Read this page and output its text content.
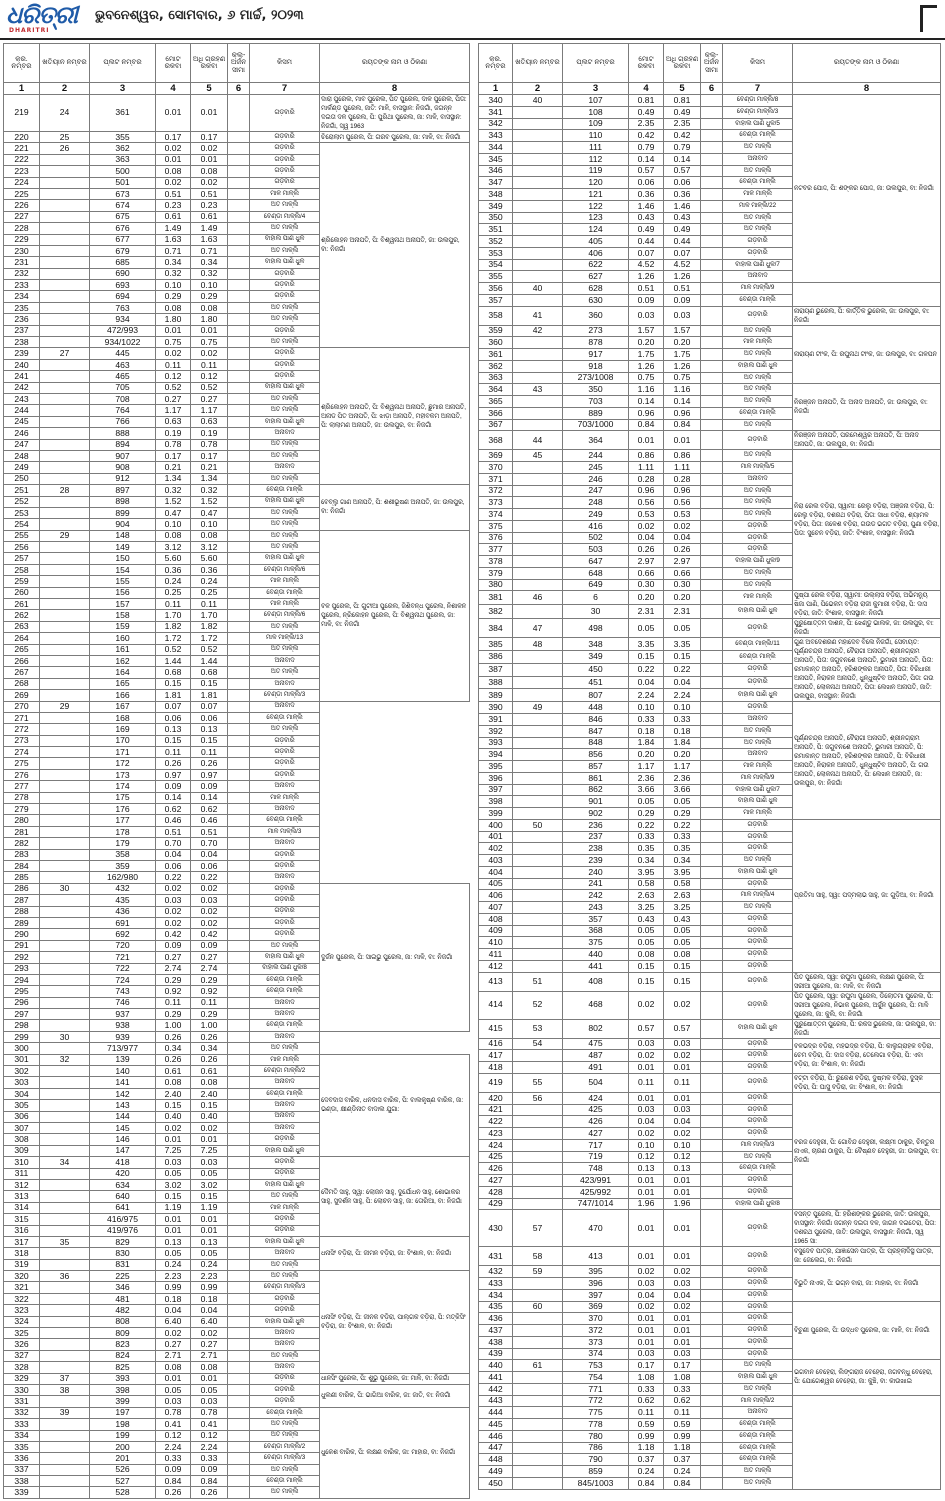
ଧରିତ୍ରୀ
DHARITRI
ଭୁବନେଶ୍ୱର, ସୋମବାର, ୬ ମାର୍ଚ୍ଚ, ୨୦୨୩
କ୍ର. ନମ୍ବର	ଖତିୟାନ ନମ୍ବର	ପ୍ଲଟ ନମ୍ବର	ମୋଟ ରକବା	ଅଧି ଗ୍ରହଣ ରକବା	କ୍ଲ- ଅର୍ଜନ ସୀମା	କିସମ	ରୟତଙ୍କ ନାମ ଓ ଠିକଣା
1	2	3	4	5	6	7	8
219	24	361	0.01	0.01		ଗଡ଼ବାରି	ଦାରା ପୁରେଲ, ମାବ ପୁରେଲ, ପିତ ପୁରେଲ, ଦାଳ ପୁରେଲ, ପିତା: ମାର୍କଣ୍ଡ ପୁରେଲ, ଜାତି: ମାଳି, ବାସସ୍ଥାନ: ନିଜଗାଁ, ଜଗନ୍ନ ଦଇତା ଦଳ ପୁରେଲ, ପି: ପୁରିଥା ପୁରେଲ, ଜା: ମାଳି, ବାସସ୍ଥାନ: ନିଜଗାଁ, ସ୍ୱ 1963
220	25	355	0.17	0.17		ଗଡ଼ବାରି	ଚିରୋଲାମ ପୁରେଲ, ପି: ଗରବ ପୁରେଲ, ଜା: ମାଳି, ବା: ନିଜଗାଁ
221	26	362	0.02	0.02		ଗଡ଼ବାରି	ଶ୍ରିକୋହନ ଅନାପତି, ପି: ବିଶ୍ୱନାଥ ଅନାପତି, ଜା: ଉଲପୁର, ବା: ନିଜଗାଁ
222		363	0.01	0.01		ଗଡ଼ବାରି	
223		500	0.08	0.08		ଗଡ଼ବାରି	
224		501	0.02	0.02		ଗଡ଼ବାରି	
225		673	0.51	0.51		ମାଳ ମାଳ୍ଲି	
226		674	0.23	0.23		ଅତ ମାଳ୍ଲି	
227		675	0.61	0.61		ବେଣ୍ଡା ମାଳ୍ଲି/4	
228		676	1.49	1.49		ଅତ ମାଳ୍ଲି	
229		677	1.63	1.63		ବାହାଲ ପାଣି ଧୁଳ	
230		679	0.71	0.71		ଅତ ମାଳ୍ଲି	
231		685	0.34	0.34		ବାହାଲ ପାଣି ଧୁଳ	
232		690	0.32	0.32		ଗଡ଼ବାରି	
233		693	0.10	0.10		ଗଡ଼ବାରି	
234		694	0.29	0.29		ଗଡ଼ବାରି	
235		763	0.08	0.08		ଅତ ମାଳ୍ଲି	
236		934	1.80	1.80		ଅତ ମାଳ୍ଲି	
237		472/993	0.01	0.01		ଗଡ଼ବାରି	
238		934/1022	0.75	0.75		ଅତ ମାଳ୍ଲି	
239	27	445	0.02	0.02		ଗଡ଼ବାରି	ଶ୍ରିକୋହନ ଅନାପତି, ପି: ବିଶ୍ୱନାଥ ଅନାପତି, ଛୁମାର ଅନାପତି, ଅନାଡ ପିତ ଅନାପତି, ପି: ଝାଡ଼ା ଅନାପତି, ମହୀବକମ ଅନାପତି, ପି: ଲାଲାମଣ ଅନାପତି, ଜା: ଉଲପୁର, ବା: ନିଜଗାଁ
240		463	0.11	0.11		ଗଡ଼ବାରି	
241		465	0.12	0.12		ଗଡ଼ବାରି	
242		705	0.52	0.52		ବାହାଲ ପାଣି ଧୁଳ	
243		708	0.27	0.27		ଅତ ମାଳ୍ଲି	
244		764	1.17	1.17		ଅତ ମାଳ୍ଲି	
245		766	0.63	0.63		ବାହାଲ ପାଣି ଧୁଳ	
246		888	0.19	0.19		ଅନାବାଦ	
247		894	0.78	0.78		ଅତ ମାଳ୍ଲି	
248		907	0.17	0.17		ଅତ ମାଳ୍ଲି	
249		908	0.21	0.21		ଅନାବାଦ	
250		912	1.34	1.34		ଅତ ମାଳ୍ଲି	
251	28	897	0.32	0.32		ବେଣ୍ଡା ମାଳ୍ଲି	ବେବ୍ଲୁ ଗାଣ ଅନାପତି, ପି: ଶଶୀଭୂଷଣ ଅନାପତି, ଜା: ଉଲପୁର, ବା: ନିଜଗାଁ
252		898	1.52	1.52		ବାହାଲ ପାଣି ଧୁଳ	
253		899	0.47	0.47		ଅତ ମାଳ୍ଲି	
254		904	0.10	0.10		ଅତ ମାଳ୍ଲି	
255	29	148	0.08	0.08		ଅତ ମାଳ୍ଲି	ବଳ ପୁରେଲ, ପି: ଗୁଟୀଆ ପୁରେଲ, ଜିଶିବନ୍ଧ ପୁରେଲ, ନିଶାଳନ ପୁରେଲ, ନ୍ରିକୋହନ ପୁରେଲ, ପି: ବିଶ୍ୱନାଥ ପୁରେଲ, ଜା: ମାଳି, ବା: ନିଜଗାଁ
256		149	3.12	3.12		ଅତ ମାଳ୍ଲି	
257		150	5.60	5.60		ବାହାଲ ପାଣି ଧୁଳ	
258		154	0.36	0.36		ବେଣ୍ଡା ମାଳ୍ଲି/6	
259		155	0.24	0.24		ମାଳ ମାଳ୍ଲି	
260		156	0.25	0.25		ବେଣ୍ଡା ମାଳ୍ଲି	
261		157	0.11	0.11		ମାଳ ମାଳ୍ଲି	
262		158	1.70	1.70		ବେଣ୍ଡା ମାଳ୍ଲି/6	
263		159	1.82	1.82		ଅତ ମାଳ୍ଲି	
264		160	1.72	1.72		ମାଳ ମାଳ୍ଲି/13	
265		161	0.52	0.52		ଅତ ମାଳ୍ଲି	
266		162	1.44	1.44		ଅନାବାଦ	
267		164	0.68	0.68		ଅତ ମାଳ୍ଲି	
268		165	0.15	0.15		ଅନାବାଦ	
269		166	1.81	1.81		ବେଣ୍ଡା ମାଳ୍ଲି/3	
270	29	167	0.07	0.07		ଅନାବାଦ	
271		168	0.06	0.06		ବେଣ୍ଡା ମାଳ୍ଲି	
272		169	0.13	0.13		ଅତ ମାଳ୍ଲି	
273		170	0.15	0.15		ଗଡ଼ବାରି	
274		171	0.11	0.11		ଗଡ଼ବାରି	
275		172	0.26	0.26		ଗଡ଼ବାରି	
276		173	0.97	0.97		ଗଡ଼ବାରି	
277		174	0.09	0.09		ଅନାବାଦ	
278		175	0.14	0.14		ମାଳ ମାଳ୍ଲି	
279		176	0.62	0.62		ଅନାବାଦ	
280		177	0.46	0.46		ବେଣ୍ଡା ମାଳ୍ଲି	
281		178	0.51	0.51		ମାଳ ମାଳ୍ଲି/3	
282		179	0.70	0.70		ଅନାବାଦ	
283		358	0.04	0.04		ଗଡ଼ବାରି	
284		359	0.06	0.06		ଗଡ଼ବାରି	
285		162/980	0.22	0.22		ଅନାବାଦ	
286	30	432	0.02	0.02		ଗଡ଼ବାରି	ଦୁର୍ଜନ ପୁରେଲ, ପି: ସାଇଭୁ ପୁରେଲ, ଜା: ମାଳି, ବା: ନିଜଗାଁ
287		435	0.03	0.03		ଗଡ଼ବାରି	
288		436	0.02	0.02		ଗଡ଼ବାରି	
289		691	0.02	0.02		ଗଡ଼ବାରି	
290		692	0.42	0.42		ଗଡ଼ବାରି	
291		720	0.09	0.09		ଅତ ମାଳ୍ଲି	
292		721	0.27	0.27		ବାହାଲ ପାଣି ଧୁଳ	
293		722	2.74	2.74		ବାହାଲ ପାଣି ଧୁଳ/8	
294		724	0.29	0.29		ବେଣ୍ଡା ମାଳ୍ଲି	
295		743	0.92	0.92		ବେଣ୍ଡା ମାଳ୍ଲି	
296		746	0.11	0.11		ଅନାବାଦ	
297		937	0.29	0.29		ଅନାବାଦ	
298		938	1.00	1.00		ବେଣ୍ଡା ମାଳ୍ଲି	
299	30	939	0.26	0.26		ଅନାବାଦ	
300		713/977	0.34	0.34		ଅତ ମାଳ୍ଲି	
301	32	139	0.26	0.26		ମାଳ ମାଳ୍ଲି	ଦେବଦାସ ବାରିକ, ଧନଦାସ ବାରିକ, ପି: ବାଲକୃଷ୍ଣ ବାରିକ, ଜା: ଭଣ୍ଡା, କ୍ଷୀଣ୍ଡିନାତ ବାଦାଲ ଯୁଗା:
302		140	0.61	0.61		ବେଣ୍ଡା ମାଳ୍ଲି/2	
303		141	0.08	0.08		ଅନାବାଦ	
304		142	2.40	2.40		ବେଣ୍ଡା ମାଳ୍ଲି	
305		143	0.15	0.15		ଅନାବାଦ	
306		144	0.40	0.40		ଅନାବାଦ	
307		145	0.02	0.02		ଅନାବାଦ	
308		146	0.01	0.01		ଗଡ଼ବାରି	
309		147	7.25	7.25		ବାହାଲ ପାଣି ଧୁଳ	
310	34	418	0.03	0.03		ଗଡ଼ବାରି	ଦୈମତି ସାହୁ, ସ୍ୱା: ଲୋଜନ ସାହୁ, ଦୁର୍ଯୋଧନ ସାହୁ, ଶୋଭାକର ସାହୁ, ସୁଦର୍ଶନ ସାହୁ, ପି: ଲୋଚନ ସାହୁ, ଜା: ତୋରିଆ, ବା: ନିଜଗାଁ
311		420	0.05	0.05		ଗଡ଼ବାରି	
312		634	3.02	3.02		ବାହାଲ ପାଣି ଧୁଳ	
313		640	0.15	0.15		ଅତ ମାଳ୍ଲି	
314		641	1.19	1.19		ମାଳ ମାଳ୍ଲି	
315		416/975	0.01	0.01		ଗଡ଼ବାରି	
316		419/976	0.01	0.01		ଗଡ଼ବାରି	
317	35	829	0.13	0.13		ବାହାଲ ପାଣି ଧୁଳ	ଧନାସିଂ ବଡ଼ିରା, ପି: ଜୀମନ ବଡ଼ିରା, ଜା: ବିଂଶାଳ, ବା: ନିଜଗାଁ
318		830	0.05	0.05		ଅନାବାଦ	
319		831	0.24	0.24		ଅତ ମାଳ୍ଲି	
320	36	225	2.23	2.23		ଅତ ମାଳ୍ଲି	ଧନାସିଂ ବଡ଼ିରା, ପି: ଜୀନକ ବଡ଼ିରା, ପାଲ୍ଗକ ବଡ଼ିରା, ପି: ମତ୍କିସିଂ ବଡ଼ିରା, ଜା: ବିଂଶାଳ, ବା: ନିଜଗାଁ
321		346	0.99	0.99		ବେଣ୍ଡା ମାଳ୍ଲି/3	
322		481	0.18	0.18		ଗଡ଼ବାରି	
323		482	0.04	0.04		ଗଡ଼ବାରି	
324		808	6.40	6.40		ବାହାଲ ପାଣି ଧୁଳ	
325		809	0.02	0.02		ଅନାବାଦ	
326		823	0.27	0.27		ଅନାବାଦ	
327		824	2.71	2.71		ଅତ ମାଳ୍ଲି	
328		825	0.08	0.08		ଅନାବାଦ	
329	37	393	0.01	0.01		ଗଡ଼ବାରି	ଧାନସିଂ ପୁରେଲ, ପି: ଶୁଭୁ ପୁରେଲ, ଜା: ମାଳି, ବା: ନିଜଗାଁ
330	38	398	0.05	0.05		ଗଡ଼ବାରି	ଧୁଲଣୀ ବାରିକ, ପି: ଭାଗିଆ ବାରିକ, ଜା: ଜାତି, ବା: ନିଜଗାଁ
331		399	0.03	0.03		ଗଡ଼ବାରି	
332	39	197	0.78	0.78		ବେଣ୍ଡା ମାଳ୍ଲି	ଧୁକେଶ ବାରିକ, ପି: ଲକ୍ଷଣ ବାରିକ, ଜା: ମାହାର, ବା: ନିଜଗାଁ
333		198	0.41	0.41		ଅତ ମାଳ୍ଲି	
334		199	0.12	0.12		ଅତ ମାଳ୍ଲି	
335		200	2.24	2.24		ବେଣ୍ଡା ମାଳ୍ଲି/2	
336		201	0.33	0.33		ବେଣ୍ଡା ମାଳ୍ଲି/3	
337		526	0.09	0.09		ଅତ ମାଳ୍ଲି	
338		527	0.84	0.84		ବେଣ୍ଡା ମାଳ୍ଲି	
339		528	0.26	0.26		ଅତ ମାଳ୍ଲି	
କ୍ର. ନମ୍ବର	ଖତିୟାନ ନମ୍ବର	ପ୍ଲଟ ନମ୍ବର	ମୋଟ ରକବା	ଅଧି ଗ୍ରହଣ ରକବା	କ୍ଲ- ଅର୍ଜନ ସୀମା	କିସମ	ରୟତଙ୍କ ନାମ ଓ ଠିକଣା
1	2	3	4	5	6	7	8
340	40	107	0.81	0.81		ବେଣ୍ଡା ମାଳ୍ଲି/8	ନଟବର ପୋଦ୍ଦ, ପି: ଶଙ୍କର ପୋଦ୍ଦ, ଜା: ଉଲପୁର, ବା: ନିଜଗାଁ
341		108	0.49	0.49		ବେଣ୍ଡା ମାଳ୍ଲି/3	
342		109	2.35	2.35		ବାହାଲ ପାଣି ଧୁଳ/5	
343		110	0.42	0.42		ବେଣ୍ଡା ମାଳ୍ଲି	
344		111	0.79	0.79		ଅତ ମାଳ୍ଲି	
345		112	0.14	0.14		ଅନାବାଦ	
346		119	0.57	0.57		ଅତ ମାଳ୍ଲି	
347		120	0.06	0.06		ବେଣ୍ଡା ମାଳ୍ଲି	
348		121	0.36	0.36		ମାଳ ମାଳ୍ଲି	
349		122	1.46	1.46		ମାଳ ମାଳ୍ଲି/22	
350		123	0.43	0.43		ଅତ ମାଳ୍ଲି	
351		124	0.49	0.49		ଅତ ମାଳ୍ଲି	
352		405	0.44	0.44		ଗଡ଼ବାରି	
353		406	0.07	0.07		ଗଡ଼ବାରି	
354		622	4.52	4.52		ବାହାଲ ପାଣି ଧୁଳ/7	
355		627	1.26	1.26		ଅନାବାଦ	
356	40	628	0.51	0.51		ମାଳ ମାଳ୍ଲି/9	
357		630	0.09	0.09		ବେଣ୍ଡା ମାଳ୍ଲି	
358	41	360	0.03	0.03		ଗଡ଼ବାରି	ନାରାୟଣ ଭୁରେଲ, ପି: କାର୍ତ୍ତିକ ଭୁରେଲ, ଜା: ଉଲପୁର, ବା: ନିଜଗାଁ
359	42	273	1.57	1.57		ଅତ ମାଳ୍ଲି	ନାରାୟଣ ଟୀଂକ, ପି: ରଘୁନାଥ ଟୀଂକ, ଜା: ଉଲପୁର, ବା: ଗଳପନ
360		878	0.20	0.20		ମାଳ ମାଳ୍ଲି	
361		917	1.75	1.75		ଅତ ମାଳ୍ଲି	
362		918	1.26	1.26		ବାହାଲ ପାଣି ଧୁଳ	
363		273/1008	0.75	0.75		ଅତ ମାଳ୍ଲି	
364	43	350	1.16	1.16		ଅତ ମାଳ୍ଲି	ନିରଞ୍ଜନ ଅନାପତି, ପି: ଅନାଦ ଅନାପତି, ଜା: ଉଲପୁର, ବା: ନିଜଗାଁ
365		703	0.14	0.14		ଅତ ମାଳ୍ଲି	
366		889	0.96	0.96		ବେଣ୍ଡା ମାଳ୍ଲି	
367		703/1000	0.84	0.84		ଅତ ମାଳ୍ଲି	
368	44	364	0.01	0.01		ଗଡ଼ବାରି	ନିରଞ୍ଜନ ଅନାପତି, ପରମେଶ୍ୱର ଅନାପତି, ପି: ଅନାଦ ଅନାପତି, ଜା: ଉଲପୁର, ବା: ନିଜଗାଁ
369	45	244	0.86	0.86		ଅତ ମାଳ୍ଲି	ନିରା ରେଲ ବଡ଼ିରା, ସ୍ୱାମୀ: ରେଲୁ ବଡ଼ିରା, ଅଞ୍ଜନା ବଡ଼ିରା, ପି: ରେଲୁ ବଡ଼ିରା, ଦଶରଥ ବଡ଼ିରା, ପିତା: ସାଧା ବଡ଼ିରା, ଶ୍ୟାମଳ ବଡ଼ିରା, ପିତା: ଜଳେଶ ବଡ଼ିରା, ଗଉଡ ଭଗତ ବଡ଼ିରା, ପୁଣା ବଡ଼ିରା, ପିତା: ସୁଚେନ ବଡ଼ିରା, ଜାତି: ବିଂଶାଳ, ବାସସ୍ଥାନ: ନିଜଗାଁ
370		245	1.11	1.11		ମାଳ ମାଳ୍ଲି/5	
371		246	0.28	0.28		ଅନାବାଦ	
372		247	0.96	0.96		ଅତ ମାଳ୍ଲି	
373		248	0.56	0.56		ଅତ ମାଳ୍ଲି	
374		249	0.53	0.53		ଅତ ମାଳ୍ଲି	
375		416	0.02	0.02		ଗଡ଼ବାରି	
376		502	0.04	0.04		ଗଡ଼ବାରି	
377		503	0.26	0.26		ଗଡ଼ବାରି	
378		647	2.97	2.97		ବାହାଲ ପାଣି ଧୁଳ/9	
379		648	0.66	0.66		ଅତ ମାଳ୍ଲି	
380		649	0.30	0.30		ଅତ ମାଳ୍ଲି	
381	46	6	0.20	0.20		ମାଳ ମାଳ୍ଲି	ପୁଷ୍ପା ରେଲ ବଡ଼ିରା, ସ୍ୱାମୀ: ଉଲ୍ଲାସ ବଡ଼ିରା, ଅଭିମନ୍ୟୁ ଷିଜା ପାଣି, ପିଭେକମ ବଡ଼ିରା ରାଜୀ କୁମାରୀ ବଡ଼ିରା, ପି: ଦାସ ବଡ଼ିରା, ଜାତି: ବିଂଶାଳ, ବାସସ୍ଥାନ: ନିଜଗାଁ
382		30	2.31	2.31		ବାହାଲ ପାଣି ଧୁଳ	
384	47	498	0.05	0.05		ଗଡ଼ବାରି	ପୁରୁଷୋତ୍ତମ ଦାଶନ, ପି: ଝେଣ୍ଡୁ ଭାଲକ, ଜା: ଉଲପୁର, ବା: ନିଜଗାଁ
385	48	348	3.35	3.35		ବେଣ୍ଡା ମାଳ୍ଲି/11	ଗୁଣ ଅବଦେଶରଣ ମହାଦେବ ବିଲେ ନିଜଗାଁ, ସେବାୟତ: ପୂର୍ଣ୍ଣଚନ୍ଦ୍ର ଅନାପତି, ବୈରାଗୀ ଅନାପତି, ଶ୍ରୀନଗ୍ରାମ ଅନାପତି, ପିତା: ଜଗୁବନଶେ ଅନାପତି, ଭୁମାରୀ ଅନାପତି, ପିତା: ରମାକାନ୍ତ ଅନାପତି, ହରିଶଙ୍କର ଅନାପତି, ପିତା: ବିରିଧାରୀ ଅନାପତି, ନିରାକନ ଅନାପତି, ଧୁନ୍ଧୁଷ୍ଟିବ ଅନାପତି, ପିତା: ଗଉ ଅନାପତି, ଲୋକନାଥ ଅନାପତି, ପିତା: ଲେଖନ ଅନାପତି, ଜାତି: ଉଲପୁର, ବାସସ୍ଥାନ: ନିଜଗାଁ
386		349	0.15	0.15		ବେଣ୍ଡା ମାଳ୍ଲି	
387		450	0.22	0.22		ଗଡ଼ବାରି	
388		451	0.04	0.04		ଗଡ଼ବାରି	
389		807	2.24	2.24		ବାହାଲ ପାଣି ଧୁଳ	
390	49	448	0.10	0.10		ଗଡ଼ବାରି	ପୂର୍ଣ୍ଣଚନ୍ଦ୍ର ଅନାପତି, ବୈରାଗୀ ଅନାପତି, ଶ୍ରୀନଗ୍ରାମ ଅନାପତି, ପି: ଜଗୁବନଶେ ଅନାପତି, ଭୁମାରୀ ଅନାପତି, ପି: ରମାକାନ୍ତ ଅନାପତି, ହରିଶଙ୍କର ଅନାପତି, ପି: ବିରିଧାରୀ ଅନାପତି, ନିରାକନ ଅନାପତି, ଧୁନ୍ଧୁଷ୍ଟିବ ଅନାପତି, ପି: ଗଉ ଅନାପତି, ଲୋକନାଥ ଅନାପତି, ପି: ଲେଖନ ଅନାପତି, ଜା: ଉଲପୁର, ବା: ନିଜଗାଁ
391		846	0.33	0.33		ଅନାବାଦ	
392		847	0.18	0.18		ଅତ ମାଳ୍ଲି	
393		848	1.84	1.84		ଅତ ମାଳ୍ଲି	
394		856	0.20	0.20		ଅନାବାଦ	
395		857	1.17	1.17		ମାଳ ମାଳ୍ଲି	
396		861	2.36	2.36		ମାଳ ମାଳ୍ଲି/9	
397		862	3.66	3.66		ବାହାଲ ପାଣି ଧୁଳ/7	
398		901	0.05	0.05		ବାହାଲ ପାଣି ଧୁଳ	
399		902	0.29	0.29		ମାଳ ମାଳ୍ଲି	
400	50	236	0.22	0.22		ଗଡ଼ବାରି	ପ୍ରତିମା ସାହୁ, ସ୍ୱା: ପଦ୍ମଲାଭ ସାହୁ, ଜା: ଗୁଡ଼ିଆ, ବା: ନିଜଗାଁ
401		237	0.33	0.33		ଗଡ଼ବାରି	
402		238	0.35	0.35		ଗଡ଼ବାରି	
403		239	0.34	0.34		ଅତ ମାଳ୍ଲି	
404		240	3.95	3.95		ବାହାଲ ପାଣି ଧୁଳ	
405		241	0.58	0.58		ଗଡ଼ବାରି	
406		242	2.63	2.63		ମାଳ ମାଳ୍ଲି/4	
407		243	3.25	3.25		ଅତ ମାଳ୍ଲି	
408		357	0.43	0.43		ଗଡ଼ବାରି	
409		368	0.05	0.05		ଗଡ଼ବାରି	
410		375	0.05	0.05		ଗଡ଼ବାରି	
411		440	0.08	0.08		ଗଡ଼ବାରି	
412		441	0.15	0.15		ଗଡ଼ବାରି	
413	51	408	0.15	0.15		ଗଡ଼ବାରି	ପିତ ପୁରେଲ, ସ୍ୱା: ରଘୁମା ପୁରେଲ, ଲକ୍ଷଣ ପୁରେଲ, ପି: ସରୀଆ ପୁରେଲ, ଜା: ମାଳି, ବା: ନିଜଗାଁ
414	52	468	0.02	0.02		ଗଡ଼ବାରି	ପିତ ପୁରେଲ, ସ୍ୱା: ରଘୁମା ପୁରେଲ, ଡିଲୋତମା ପୁରେଲ, ପି: ସରୀଆ ପୁରେଲ, ନିଭାକ ପୁରେଲ, ଅର୍ଜୁନ ପୁରେଲ, ପି: ମାଳି ପୁରେଲ, ଜା: କୁଲି, ବା: ନିଜଗାଁ
415	53	802	0.57	0.57		ବାହାଲ ପାଣି ଧୁଳ	ପୁରୁଷୋତ୍ତମ ପୁରେଲ, ପି: ରକସ ଭୁଲେଲ, ଜା: ଉଲପୁର, ବା: ନିଜଗାଁ
416	54	475	0.03	0.03		ଗଡ଼ବାରି	ବଳଭଦ୍ର ବଡ଼ିରା, ମହଭଦ୍ର ବଡ଼ିରା, ପି: କାଲୁଗ୍ରାହକ ବଡ଼ିରା, ଚେମ ବଡ଼ିରା, ପି: ଦାସ ବଡ଼ିରା, ତେଲେଗା ବଡ଼ିରା, ପି: ଏବା ବଡ଼ିରା, ଜା: ବିଂଶାଳ, ବା: ନିଜଗାଁ
417		487	0.02	0.02		ଗଡ଼ବାରି	
418		491	0.01	0.01		ଗଡ଼ବାରି	
419	55	504	0.11	0.11		ଗଡ଼ବାରି	ବଟ୍ଟା ବଡ଼ିରା, ପି: ରୁକେଶ ବଡ଼ିରା, ଦୁଷ୍ମଳ ବଡ଼ିରା, ଦୁସ୍କ ବଡ଼ିରା, ପି: ଘାସୁ ବଡ଼ିରା, ଜା: ବିଂଶାଳ, ବା: ନିଜଗାଁ
420	56	424	0.01	0.01		ଗଡ଼ବାରି	ବରଜ ଦେହୁରୀ, ପି: ଗୋବିନ୍ଦ ଦେହୁରୀ, ଲକ୍ଷ୍ମୀ ଠାକୁର, ଚିନ୍ତୁର ନାଏକ, ଚାରଣ ଠାକୁର, ପି: ବୈଷ୍ଣବ ଦେହୁରୀ, ଜା: ଉଲପୁର, ବା: ନିଜଗାଁ
421		425	0.03	0.03		ଗଡ଼ବାରି	
422		426	0.04	0.04		ଗଡ଼ବାରି	
423		427	0.02	0.02		ଗଡ଼ବାରି	
424		717	0.10	0.10		ମାଳ ମାଳ୍ଲି/3	
425		719	0.12	0.12		ଅତ ମାଳ୍ଲି	
426		748	0.13	0.13		ବେଣ୍ଡା ମାଳ୍ଲି	
427		423/991	0.01	0.01		ଗଡ଼ବାରି	
428		425/992	0.01	0.01		ଗଡ଼ବାରି	
429		747/1014	1.96	1.96		ବାହାଲ ପାଣି ଧୁଳ/8	
430	57	470	0.01	0.01		ଗଡ଼ବାରି	ବସନ୍ତ ପୁରେଲ, ପି: ହରିଶଙ୍କର ଭୁରେଲ, ଜାତି: ଉଲପୁର, ବାସସ୍ଥାନ: ନିଜଗାଁ ଜଗନ୍ନ ଦଇତା ଦଳ, ଜାଗନ ଦଇତେରା, ପିତା: ଦଶରଥ ପୁରେଲ, ଜାତି: ଉଲପୁର, ବାସସ୍ଥାନ: ନିଜଗାଁ, ସ୍ୱ 1965 ସା:
431	58	413	0.01	0.01		ଗଡ଼ବାରି	ବସୁଦେବ ପାତ୍ର, ଯାଜ୍ଞାସେନ ପାତ୍ର, ପି: ପ୍ରହ୍ଲାଦିସ୍ଥ ପାତ୍ର, ଜା: ଜେଲେଗ, ବା: ନିଜଗାଁ
432	59	395	0.02	0.02		ଗଡ଼ବାରି	ବିଭୁତି ନାଏକ, ପି: ଭଗ୍ନ ବାରା, ଜା: ମାହାର, ବା: ନିଜଗାଁ
433		396	0.03	0.03		ଗଡ଼ବାରି	
434		397	0.04	0.04		ଗଡ଼ବାରି	
435	60	369	0.02	0.02		ଗଡ଼ବାରି	ବିଚୁଣୀ ପୁରେଲ, ପି: ଉଦ୍ଧବ ପୁରେଲ, ଜା: ମାଳି, ବା: ନିଜଗାଁ
436		370	0.01	0.01		ଗଡ଼ବାରି	
437		372	0.01	0.01		ଗଡ଼ବାରି	
438		373	0.01	0.01		ଗଡ଼ବାରି	
439		374	0.03	0.03		ଗଡ଼ବାରି	
440	61	753	0.17	0.17		ଅତ ମାଳ୍ଲି	ଭଗବାନ ବେହେରା, ଲିଙ୍ଗରାଜ ବେହେରା, ଜଗବନ୍ଧୁ ବେହେରା, ପି: ଯୋଗେଶ୍ୱର ବେହେରା, ଜା: କୁଞ୍ଚି, ବା: କାଉଖାଇ
441		754	1.08	1.08		ବାହାଲ ପାଣି ଧୁଳ	
442		771	0.33	0.33		ଅତ ମାଳ୍ଲି	
443		772	0.62	0.62		ମାଳ ମାଳ୍ଲି/2	
444		775	0.11	0.11		ଅନାବାଦ	
445		778	0.59	0.59		ବେଣ୍ଡା ମାଳ୍ଲି	
446		780	0.99	0.99		ବେଣ୍ଡା ମାଳ୍ଲି	
447		786	1.18	1.18		ବେଣ୍ଡା ମାଳ୍ଲି	
448		790	0.37	0.37		ବେଣ୍ଡା ମାଳ୍ଲି	
449		859	0.24	0.24		ଅତ ମାଳ୍ଲି	
450		845/1003	0.84	0.84		ଅତ ମାଳ୍ଲି	
